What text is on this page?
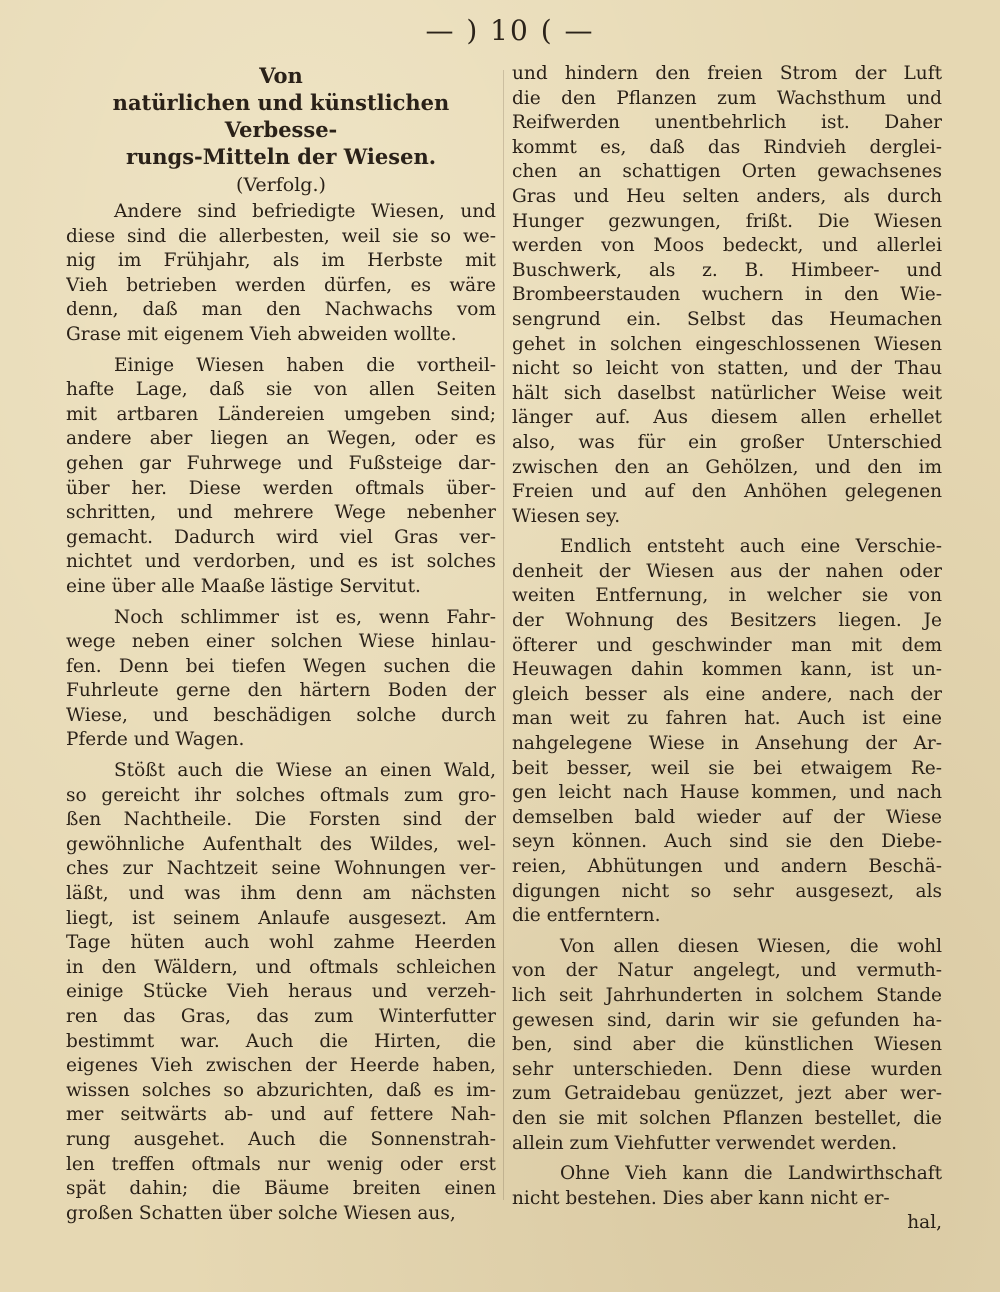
— ) 10 ( —
Von
natürlichen und künstlichen Verbesse-
rungs-Mitteln der Wiesen.
(Verfolg.)
Andere sind befriedigte Wiesen, und
diese sind die allerbesten, weil sie so we-
nig im Frühjahr, als im Herbste mit
Vieh betrieben werden dürfen, es wäre
denn, daß man den Nachwachs vom
Grase mit eigenem Vieh abweiden wollte.
Einige Wiesen haben die vortheil-
hafte Lage, daß sie von allen Seiten
mit artbaren Ländereien umgeben sind;
andere aber liegen an Wegen, oder es
gehen gar Fuhrwege und Fußsteige dar-
über her. Diese werden oftmals über-
schritten, und mehrere Wege nebenher
gemacht. Dadurch wird viel Gras ver-
nichtet und verdorben, und es ist solches
eine über alle Maaße lästige Servitut.
Noch schlimmer ist es, wenn Fahr-
wege neben einer solchen Wiese hinlau-
fen. Denn bei tiefen Wegen suchen die
Fuhrleute gerne den härtern Boden der
Wiese, und beschädigen solche durch
Pferde und Wagen.
Stößt auch die Wiese an einen Wald,
so gereicht ihr solches oftmals zum gro-
ßen Nachtheile. Die Forsten sind der
gewöhnliche Aufenthalt des Wildes, wel-
ches zur Nachtzeit seine Wohnungen ver-
läßt, und was ihm denn am nächsten
liegt, ist seinem Anlaufe ausgesezt. Am
Tage hüten auch wohl zahme Heerden
in den Wäldern, und oftmals schleichen
einige Stücke Vieh heraus und verzeh-
ren das Gras, das zum Winterfutter
bestimmt war. Auch die Hirten, die
eigenes Vieh zwischen der Heerde haben,
wissen solches so abzurichten, daß es im-
mer seitwärts ab- und auf fettere Nah-
rung ausgehet. Auch die Sonnenstrah-
len treffen oftmals nur wenig oder erst
spät dahin; die Bäume breiten einen
großen Schatten über solche Wiesen aus,
und hindern den freien Strom der Luft
die den Pflanzen zum Wachsthum und
Reifwerden unentbehrlich ist. Daher
kommt es, daß das Rindvieh derglei-
chen an schattigen Orten gewachsenes
Gras und Heu selten anders, als durch
Hunger gezwungen, frißt. Die Wiesen
werden von Moos bedeckt, und allerlei
Buschwerk, als z. B. Himbeer- und
Brombeerstauden wuchern in den Wie-
sengrund ein. Selbst das Heumachen
gehet in solchen eingeschlossenen Wiesen
nicht so leicht von statten, und der Thau
hält sich daselbst natürlicher Weise weit
länger auf. Aus diesem allen erhellet
also, was für ein großer Unterschied
zwischen den an Gehölzen, und den im
Freien und auf den Anhöhen gelegenen
Wiesen sey.
Endlich entsteht auch eine Verschie-
denheit der Wiesen aus der nahen oder
weiten Entfernung, in welcher sie von
der Wohnung des Besitzers liegen. Je
öfterer und geschwinder man mit dem
Heuwagen dahin kommen kann, ist un-
gleich besser als eine andere, nach der
man weit zu fahren hat. Auch ist eine
nahgelegene Wiese in Ansehung der Ar-
beit besser, weil sie bei etwaigem Re-
gen leicht nach Hause kommen, und nach
demselben bald wieder auf der Wiese
seyn können. Auch sind sie den Diebe-
reien, Abhütungen und andern Beschä-
digungen nicht so sehr ausgesezt, als
die entferntern.
Von allen diesen Wiesen, die wohl
von der Natur angelegt, und vermuth-
lich seit Jahrhunderten in solchem Stande
gewesen sind, darin wir sie gefunden ha-
ben, sind aber die künstlichen Wiesen
sehr unterschieden. Denn diese wurden
zum Getraidebau genüzzet, jezt aber wer-
den sie mit solchen Pflanzen bestellet, die
allein zum Viehfutter verwendet werden.
Ohne Vieh kann die Landwirthschaft
nicht bestehen. Dies aber kann nicht er-
hal,
